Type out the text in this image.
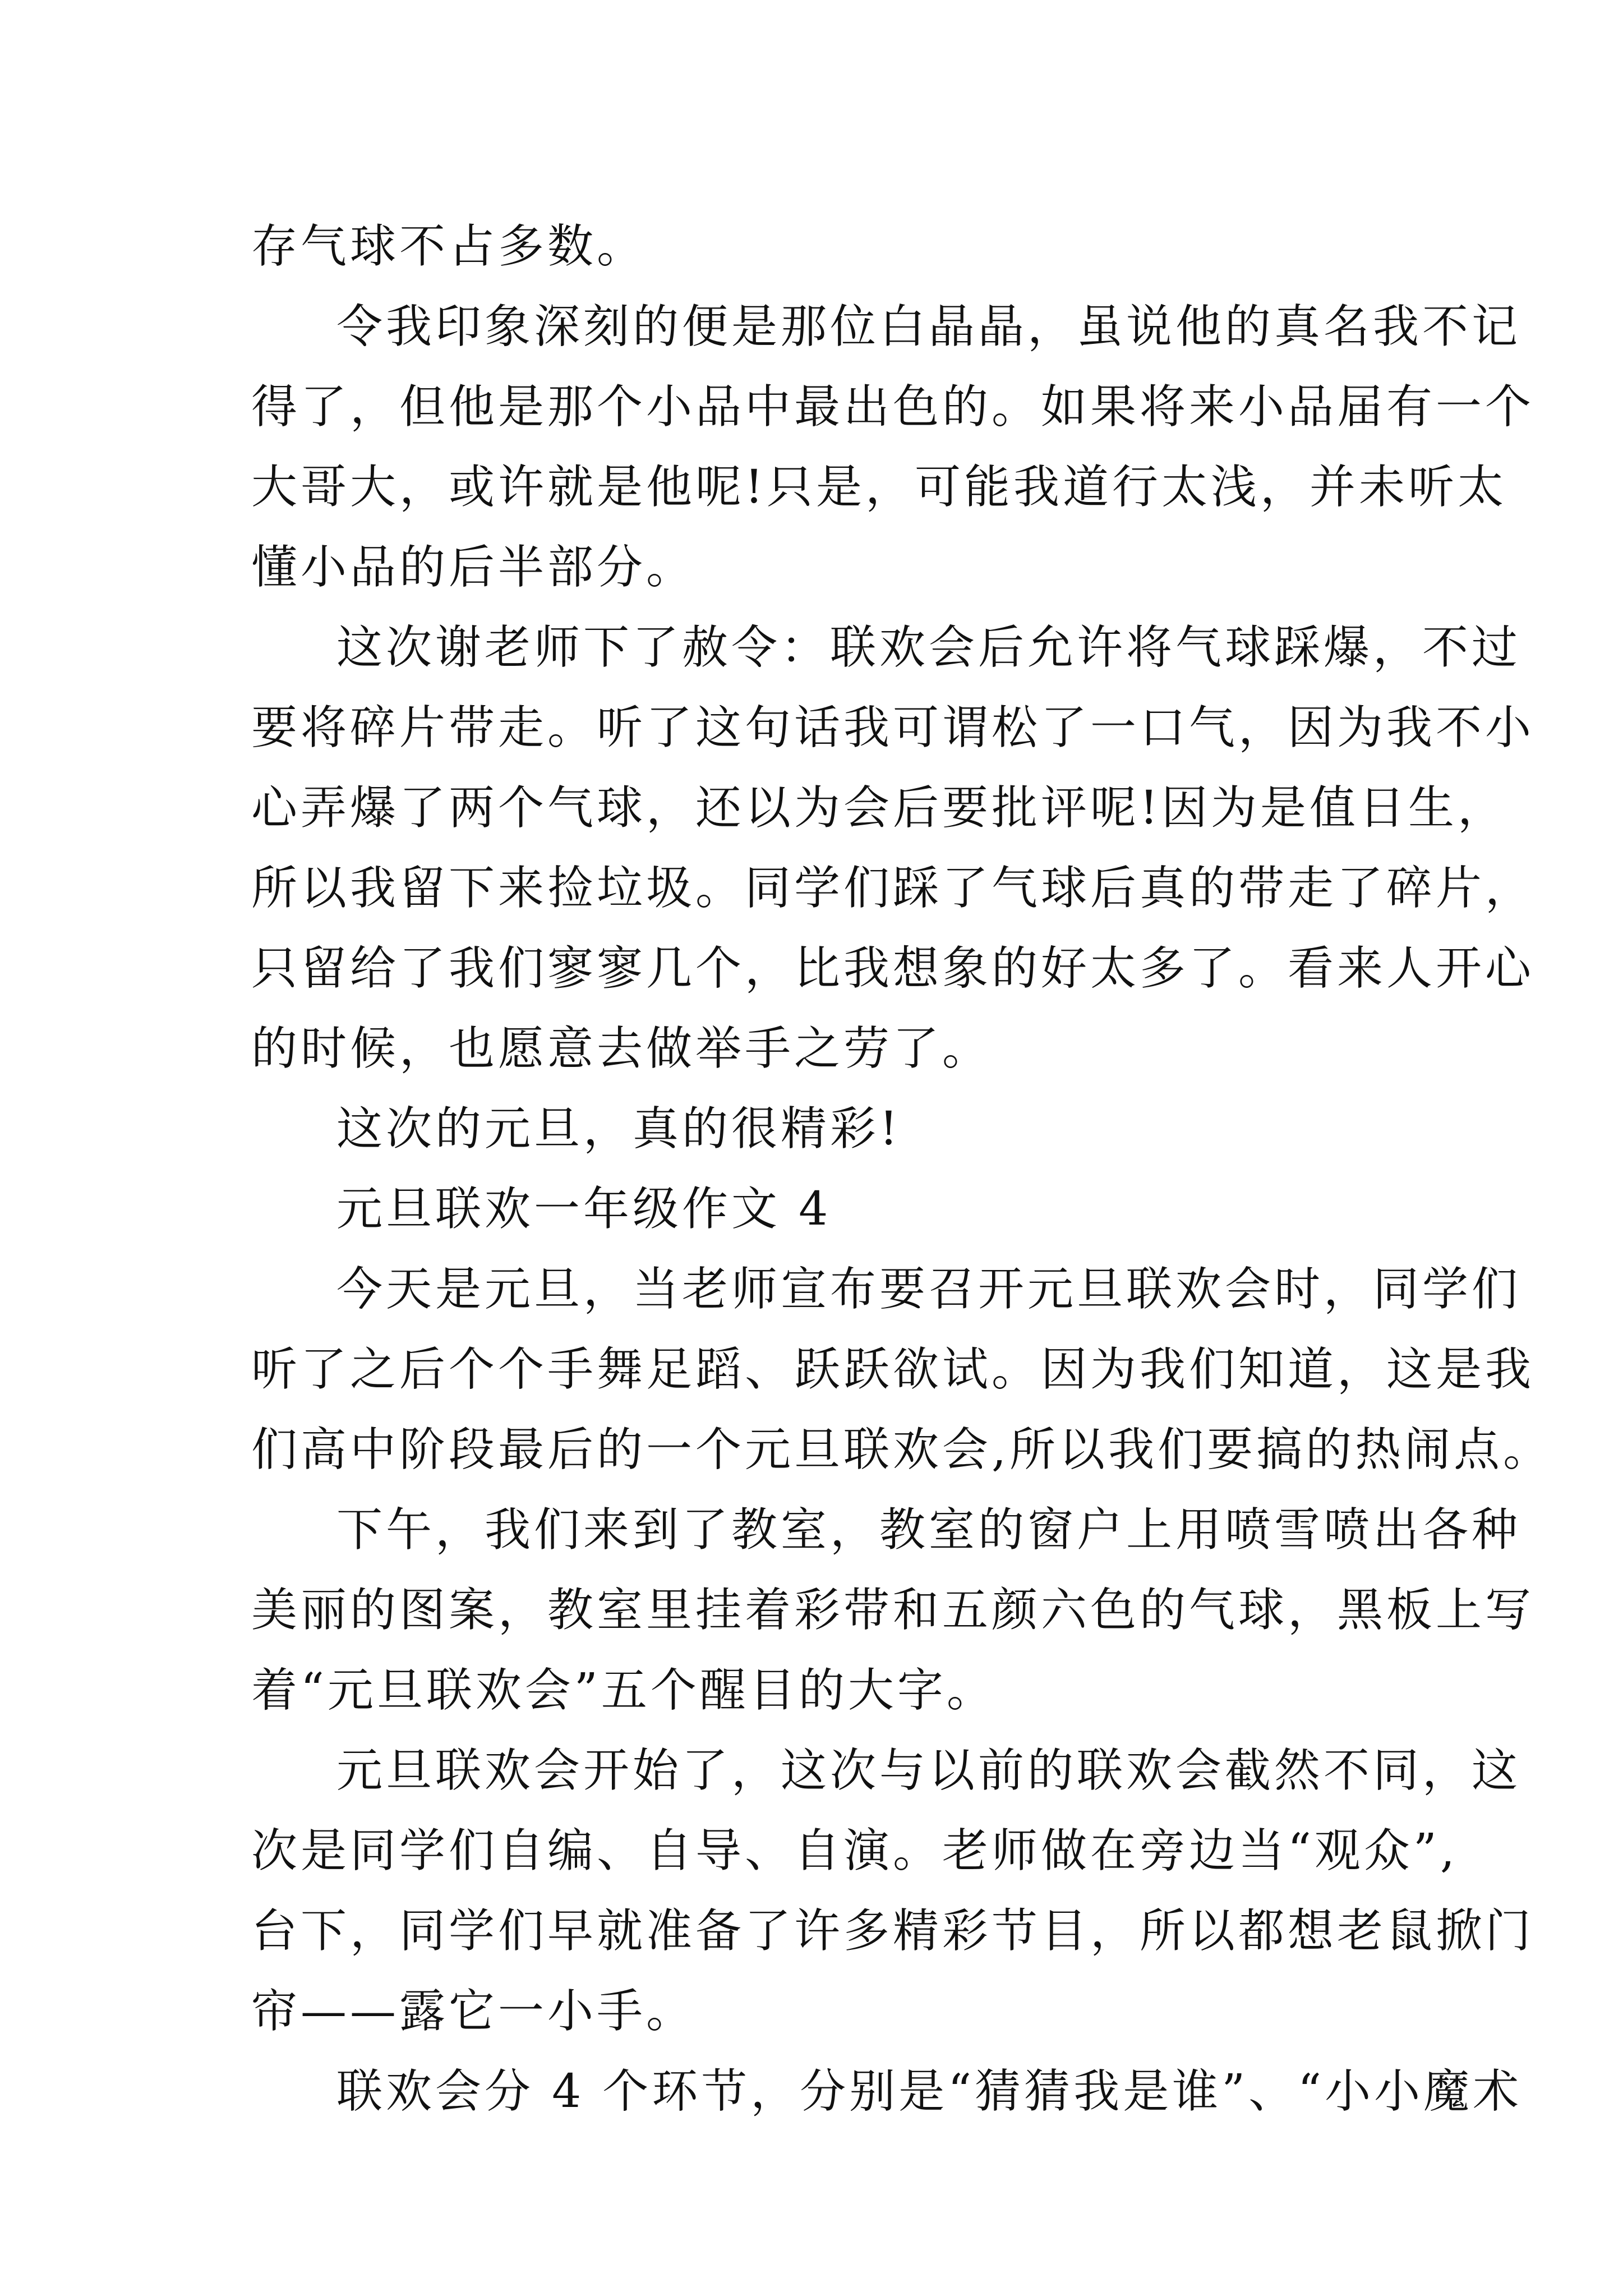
存气球不占多数。
令我印象深刻的便是那位白晶晶，虽说他的真名我不记
得了，但他是那个小品中最出色的。如果将来小品届有一个
大哥大，或许就是他呢!只是，可能我道行太浅，并未听太
懂小品的后半部分。
这次谢老师下了赦令：联欢会后允许将气球踩爆，不过
要将碎片带走。听了这句话我可谓松了一口气，因为我不小
心弄爆了两个气球，还以为会后要批评呢!因为是值日生，
所以我留下来捡垃圾。同学们踩了气球后真的带走了碎片，
只留给了我们寥寥几个，比我想象的好太多了。看来人开心
的时候，也愿意去做举手之劳了。
这次的元旦，真的很精彩!
元旦联欢一年级作文 4
今天是元旦，当老师宣布要召开元旦联欢会时，同学们
听了之后个个手舞足蹈、跃跃欲试。因为我们知道，这是我
们高中阶段最后的一个元旦联欢会,所以我们要搞的热闹点。
下午，我们来到了教室，教室的窗户上用喷雪喷出各种
美丽的图案，教室里挂着彩带和五颜六色的气球，黑板上写
着“元旦联欢会”五个醒目的大字。
元旦联欢会开始了，这次与以前的联欢会截然不同，这
次是同学们自编、自导、自演。老师做在旁边当“观众”,
台下，同学们早就准备了许多精彩节目，所以都想老鼠掀门
帘——露它一小手。
联欢会分 4 个环节，分别是“猜猜我是谁”、“小小魔术
